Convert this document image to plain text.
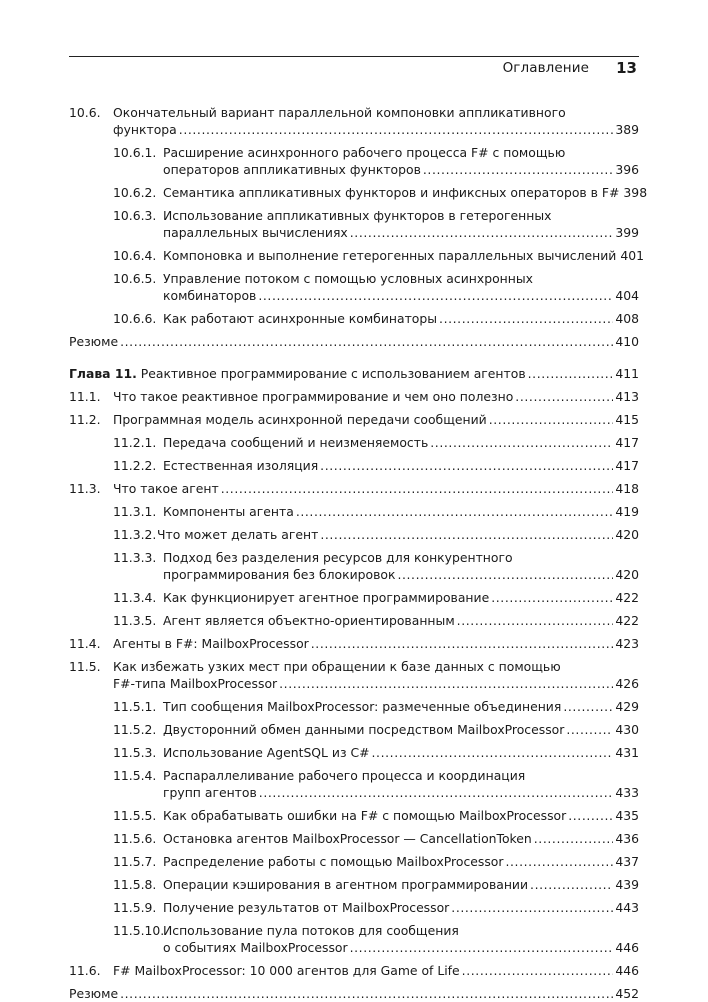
Оглавление 13
10.6. Окончательный вариант параллельной компоновки аппликативного
функтора .....	389
10.6.1. Расширение асинхронного рабочего процесса F# с помощью
операторов аппликативных функторов .....	396
10.6.2. Семантика аппликативных функторов и инфиксных операторов в F# 398
10.6.3. Использование аппликативных функторов в гетерогенных
параллельных вычислениях .....	399
10.6.4. Компоновка и выполнение гетерогенных параллельных вычислений 401
10.6.5. Управление потоком с помощью условных асинхронных
комбинаторов .....	404
10.6.6. Как работают асинхронные комбинаторы .....	408
Резюме .....	410
Глава 11. Реактивное программирование с использованием агентов .....	411
11.1. Что такое реактивное программирование и чем оно полезно .....	413
11.2. Программная модель асинхронной передачи сообщений .....	415
11.2.1. Передача сообщений и неизменяемость .....	417
11.2.2. Естественная изоляция .....	417
11.3. Что такое агент .....	418
11.3.1. Компоненты агента .....	419
11.3.2. Что может делать агент .....	420
11.3.3. Подход без разделения ресурсов для конкурентного
программирования без блокировок .....	420
11.3.4. Как функционирует агентное программирование .....	422
11.3.5. Агент является объектно-ориентированным .....	422
11.4. Агенты в F#: MailboxProcessor .....	423
11.5. Как избежать узких мест при обращении к базе данных с помощью
F#-типа MailboxProcessor .....	426
11.5.1. Тип сообщения MailboxProcessor: размеченные объединения .....	429
11.5.2. Двусторонний обмен данными посредством MailboxProcessor .....	430
11.5.3. Использование AgentSQL из C# .....	431
11.5.4. Распараллеливание рабочего процесса и координация
групп агентов .....	433
11.5.5. Как обрабатывать ошибки на F# с помощью MailboxProcessor .....	435
11.5.6. Остановка агентов MailboxProcessor — CancellationToken .....	436
11.5.7. Распределение работы с помощью MailboxProcessor .....	437
11.5.8. Операции кэширования в агентном программировании .....	439
11.5.9. Получение результатов от MailboxProcessor .....	443
11.5.10.
Использование пула потоков для сообщения
о событиях MailboxProcessor .....	446
11.6. F# MailboxProcessor: 10 000 агентов для Game of Life .....	446
Резюме .....	452
